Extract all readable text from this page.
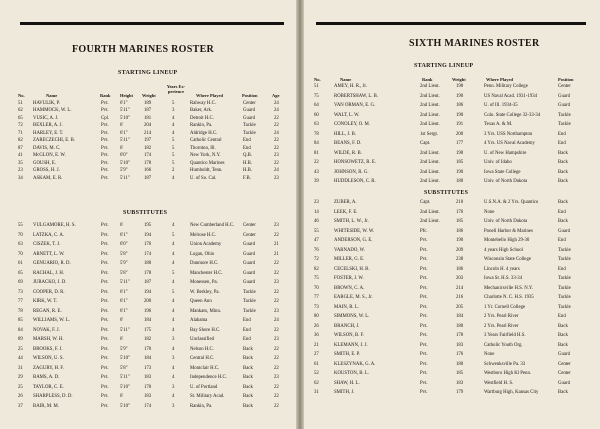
FOURTH MARINES ROSTER
STARTING LINEUP
No.	Name	Rank Height Weight
Years Ex-perience
Where Played	Position	Age
51 HAVULIK, P.	Pvt. 6'1"	189	5	Rahway H.C.	Center	24
62 HAMMOCK, W. L.	Pvt. 5'11"	187	3	Baker, Ark.	Guard	24
65 VUSIC, A. J.	Cpl. 5'10"	181	4	Detroit H.C.	Guard	22
72 BEXLER, A. J.	Pvt. 6'	204	4	Rankin, Pa.	Tackle	22
71 HARLEY, E. T.	Pvt. 6'1"	214	4	Aldridge H.C.	Tackle	24
82 ZARECZECHI, E. B.	Pvt. 5'11"	197	5	Catholic Central	End	22
87 DAVIS, M. C.	Pvt. 6'	182	5	Thornton, Ill.	End	22
41 McGLON, E. W.	Pvt. 6'0"	174	5	New York, N.Y.	Q.B.	23
35 GOUSH, E.	Pvt. 5'10"	178	5	Quantico Marines	H.B.	22
23 GROSS, H. J.	Pvt. 5'9"	166	2	Humboldt, Tenn.	H.B.	24
34 ASKAM, E. R.	Pvt. 5'11"	187	4	U. of So. Cal.	F.B.	23
SUBSTITUTES
55 VULGAMORE, H. S.	Pvt. 6'	195	4	New Cumberland H.C. Center	23
70 LATZKA, C. A.	Pvt. 6'1"	194	5	Melrose H.C.	Center	22
63 CISZEK, T. J.	Pvt. 6'0"	176	4	Union Academy	Guard	21
70 ARNETT, L. W.	Pvt. 5'8"	174	4	Logan, Ohio	Guard	21
61 GENUARIO, R. D.	Pvt. 5'9"	180	4	Dunmore H.C.	Guard	22
65 RACHAL, J. H.	Pvt. 5'8"	178	5	Manchester H.C.	Guard	22
69 JURACKO, J. D.	Pvt. 5'11"	187	4	Monessen, Pa.	Guard	23
73 COOPER, D. R.	Pvt. 6'1"	194	5	W. Berkley, Pa.	Tackle	22
77 KIRK, W. T.	Pvt. 6'1"	200	4	Queen Ann	Tackle	22
78 REGAN, R. E.	Pvt. 6'1"	196	4	Mankato, Minn.	Tackle	23
85 WILLIAMS, W. L.	Pvt. 6'	184	4	Alabama	End	24
84 NOVAK, F. J.	Pvt. 5'11"	175	4	Bay Shore H.C.	End	22
89 MARSH, W. H.	Pvt. 6'	182	3	Unclassified	End	23
25 BROOKS, F. J.	Pvt. 5'9"	170	4	Nelson H.C.	Back	22
44 WILSON, U. S.	Pvt. 5'10"	184	3	Central H.C.	Back	22
31 ZAGURY, H. F.	Pvt. 5'8"	173	4	Montclair H.C.	Back	22
29 BAMS, A. D.	Pvt. 5'11"	183	4	Independence H.C.	Back	23
25 TAYLOR, C. E.	Pvt. 5'10"	170	3	U. of Portland	Back	22
26 SHARPLESS, D. D.	Pvt. 6'	183	4	St. Military Acad.	Back	22
37 BAIR, M. M.	Pvt. 5'10"	174	3	Rankin, Pa.	Back	22
SIXTH MARINES ROSTER
STARTING LINEUP
No.	Name	Rank	Weight	Where Played	Position
51	AMEY, H. R., Jr.	2nd Lieut.	198	Penn. Military College	Center
75	ROBERTSHAW, L. B.	2nd Lieut.	190	US Naval Acad. 1931-1934	Guard
64	VAN ORMAN, E. G.	2nd Lieut.	186	U. of Ill. 1934-35	Guard
60	WALT, L. W.	2nd Lieut.	190	Colo. State College 32-33-34	Tackle
63	CONOLEY, O. M.	2nd Lieut.	191	Texas A. & M.	Tackle
78	HILL, J. B.	1st Sergt.	200	3 Yrs. USS Northampton	End
84	BEANS, F. D.	Capt.	177	4 Yrs. US Naval Academy	End
81	WILDE, R. B.	2nd Lieut.	190	U. of New Hampshire	Back
22	HONSOWETZ, R. E.	2nd Lieut.	185	Univ. of Idaho	Back
43	JOHNSON, R. G.	2nd Lieut.	190	Iowa State College	Back
39	HUDDLESON, C. R.	2nd Lieut.	180	Univ. of North Dakota	Back
SUBSTITUTES
23	ZUBER, A.	Capt.	210	U.S.N.A. & 2 Yrs. Quantico	Back
14	LEEK, F. E.	2nd Lieut.	176	None	End
46	SMITH, L. W., Jr.	2nd Lieut.	185	Univ. of North Dakota	Back
55	WHITESIDE, W. W.	Pfc.	186	Ponell Harbor & Marines	Guard
47	ANDERSON, G. E.	Pvt.	190	Montebello High 29-30	End
76	VARNADO, W.	Pvt.	209	4 years High School	Tackle
72	MILLER, G. E.	Pvt.	238	Wisconsin State College	Tackle
82	CECELSKI, H. B.	Pvt.	186	Lincoln H. 4 years	End
75	FOSTER, J. W.	Pvt.	203	Iowa St. H.S. 33-34	Tackle
70	BROWN, C. A.	Pvt.	214	Mechanicsville H.S. N.Y.	Tackle
77	EARGLE, M. S., Jr.	Pvt.	216	Charlotte N. C. H.S. 1935	Tackle
73	MAIN, R. L.	Pvt.	205	1 Yr. Cornell College	Tackle
80	SIMMONS, W. L.	Pvt.	184	2 Yrs. Pearl River	End
26	BRANCH, J.	Pvt.	180	2 Yrs. Pearl River	Back
36	WILSON, B. F.	Pvt.	178	3 Years Fairfield H.S.	Back
21	KLEMANN, J. J.	Pvt.	183	Catholic Youth Org.	Back
27	SMITH, E. P.	Pvt.	176	None	Guard
61	KLESZYNAK, G. A.	Pvt.	180	Schwenksville Pa. 33	Center
52	KOUSTON, B. L.	Pvt.	185	Westboro High Kl Penn.	Center
62	SHAW, H. L.	Pvt.	183	Westfield H. S.	Guard
31	SMITH, J.	Pvt.	179	Wartburg High, Kansas City	Back
